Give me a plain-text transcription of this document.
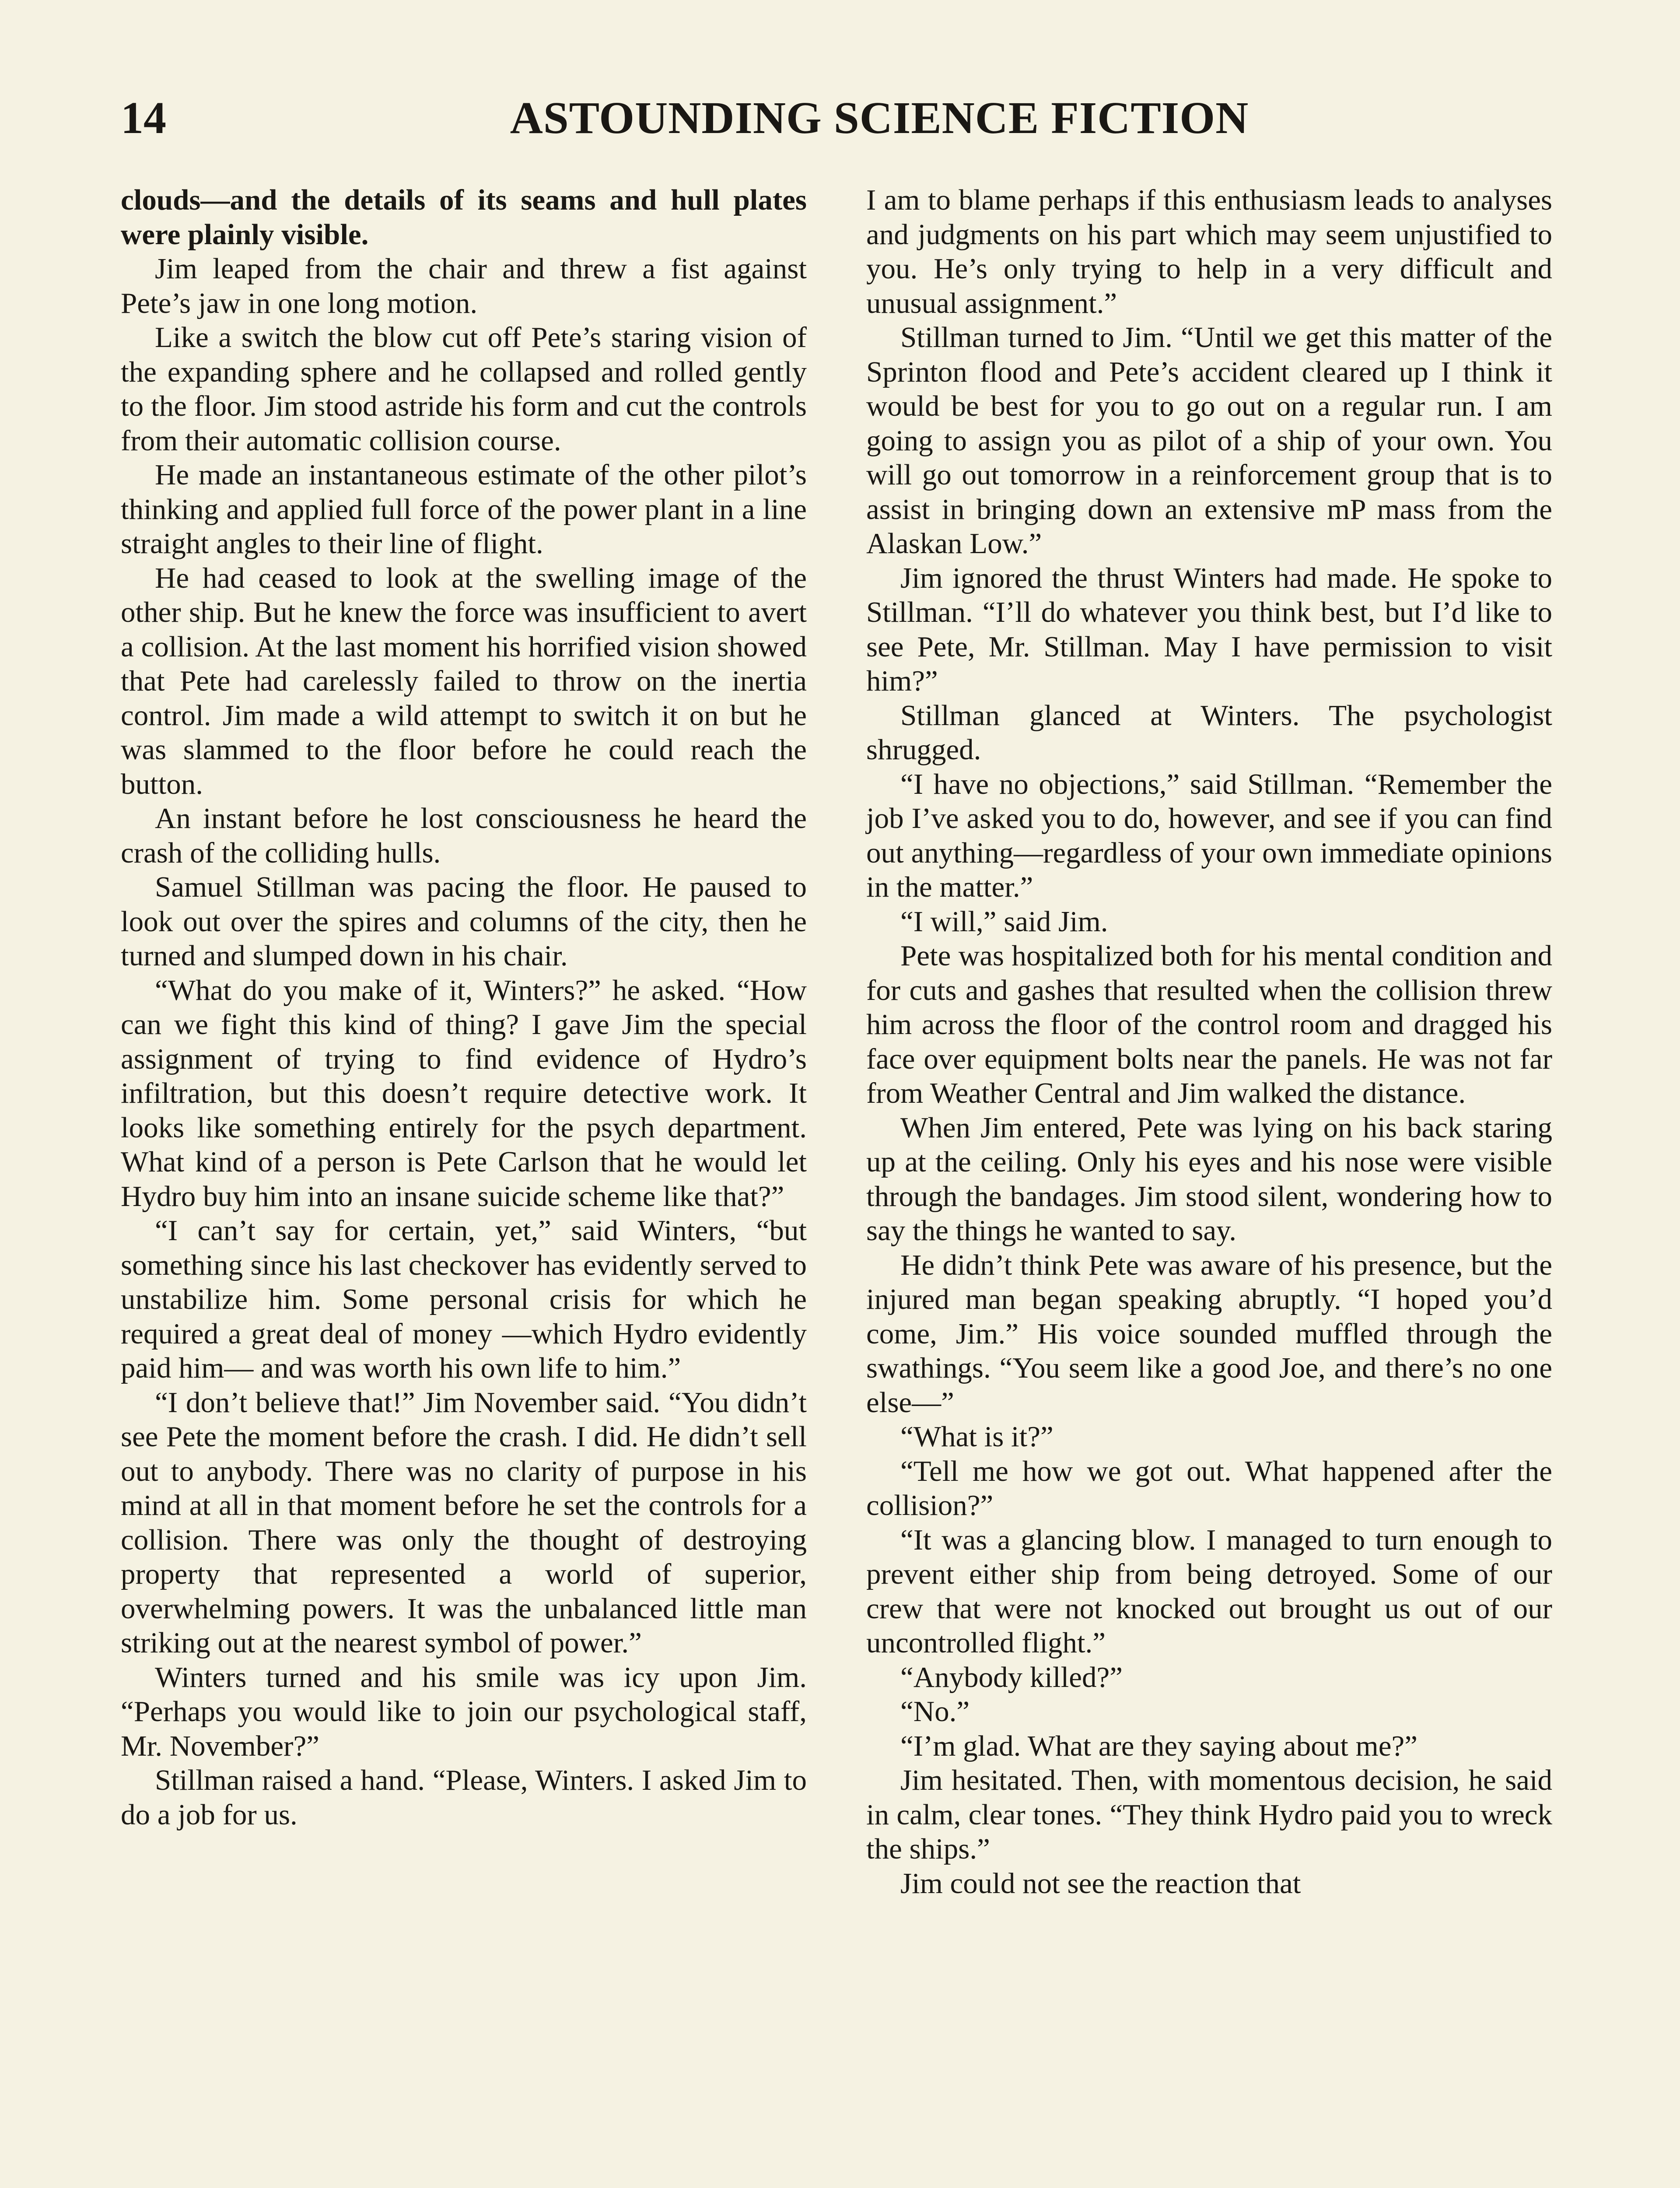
14	ASTOUNDING SCIENCE FICTION

clouds—and the details of its seams and hull plates were plainly visible.

Jim leaped from the chair and threw a fist against Pete’s jaw in one long motion.

Like a switch the blow cut off Pete’s staring vision of the expanding sphere and he collapsed and rolled gently to the floor. Jim stood astride his form and cut the controls from their automatic collision course.

He made an instantaneous estimate of the other pilot’s thinking and applied full force of the power plant in a line straight angles to their line of flight.

He had ceased to look at the swelling image of the other ship. But he knew the force was insufficient to avert a collision. At the last moment his horrified vision showed that Pete had carelessly failed to throw on the inertia control. Jim made a wild attempt to switch it on but he was slammed to the floor before he could reach the button.

An instant before he lost consciousness he heard the crash of the colliding hulls.

Samuel Stillman was pacing the floor. He paused to look out over the spires and columns of the city, then he turned and slumped down in his chair.

“What do you make of it, Winters?” he asked. “How can we fight this kind of thing? I gave Jim the special assignment of trying to find evidence of Hydro’s infiltration, but this doesn’t require detective work. It looks like something entirely for the psych department. What kind of a person is Pete Carlson that he would let Hydro buy him into an insane suicide scheme like that?”

“I can’t say for certain, yet,” said Winters, “but something since his last checkover has evidently served to unstabilize him. Some personal crisis for which he required a great deal of money —which Hydro evidently paid him— and was worth his own life to him.”

“I don’t believe that!” Jim November said. “You didn’t see Pete the moment before the crash. I did. He didn’t sell out to anybody. There was no clarity of purpose in his mind at all in that moment before he set the controls for a collision. There was only the thought of destroying property that represented a world of superior, overwhelming powers. It was the unbalanced little man striking out at the nearest symbol of power.”

Winters turned and his smile was icy upon Jim. “Perhaps you would like to join our psychological staff, Mr. November?”

Stillman raised a hand. “Please, Winters. I asked Jim to do a job for us.

I am to blame perhaps if this enthusiasm leads to analyses and judgments on his part which may seem unjustified to you. He’s only trying to help in a very difficult and unusual assignment.”

Stillman turned to Jim. “Until we get this matter of the Sprinton flood and Pete’s accident cleared up I think it would be best for you to go out on a regular run. I am going to assign you as pilot of a ship of your own. You will go out tomorrow in a reinforcement group that is to assist in bringing down an extensive mP mass from the Alaskan Low.”

Jim ignored the thrust Winters had made. He spoke to Stillman. “I’ll do whatever you think best, but I’d like to see Pete, Mr. Stillman. May I have permission to visit him?”

Stillman glanced at Winters. The psychologist shrugged.

“I have no objections,” said Stillman. “Remember the job I’ve asked you to do, however, and see if you can find out anything—regardless of your own immediate opinions in the matter.”

“I will,” said Jim.

Pete was hospitalized both for his mental condition and for cuts and gashes that resulted when the collision threw him across the floor of the control room and dragged his face over equipment bolts near the panels. He was not far from Weather Central and Jim walked the distance.

When Jim entered, Pete was lying on his back staring up at the ceiling. Only his eyes and his nose were visible through the bandages. Jim stood silent, wondering how to say the things he wanted to say.

He didn’t think Pete was aware of his presence, but the injured man began speaking abruptly. “I hoped you’d come, Jim.” His voice sounded muffled through the swathings. “You seem like a good Joe, and there’s no one else—”

“What is it?”

“Tell me how we got out. What happened after the collision?”

“It was a glancing blow. I managed to turn enough to prevent either ship from being detroyed. Some of our crew that were not knocked out brought us out of our uncontrolled flight.”

“Anybody killed?”

“No.”

“I’m glad. What are they saying about me?”

Jim hesitated. Then, with momentous decision, he said in calm, clear tones. “They think Hydro paid you to wreck the ships.”

Jim could not see the reaction that
